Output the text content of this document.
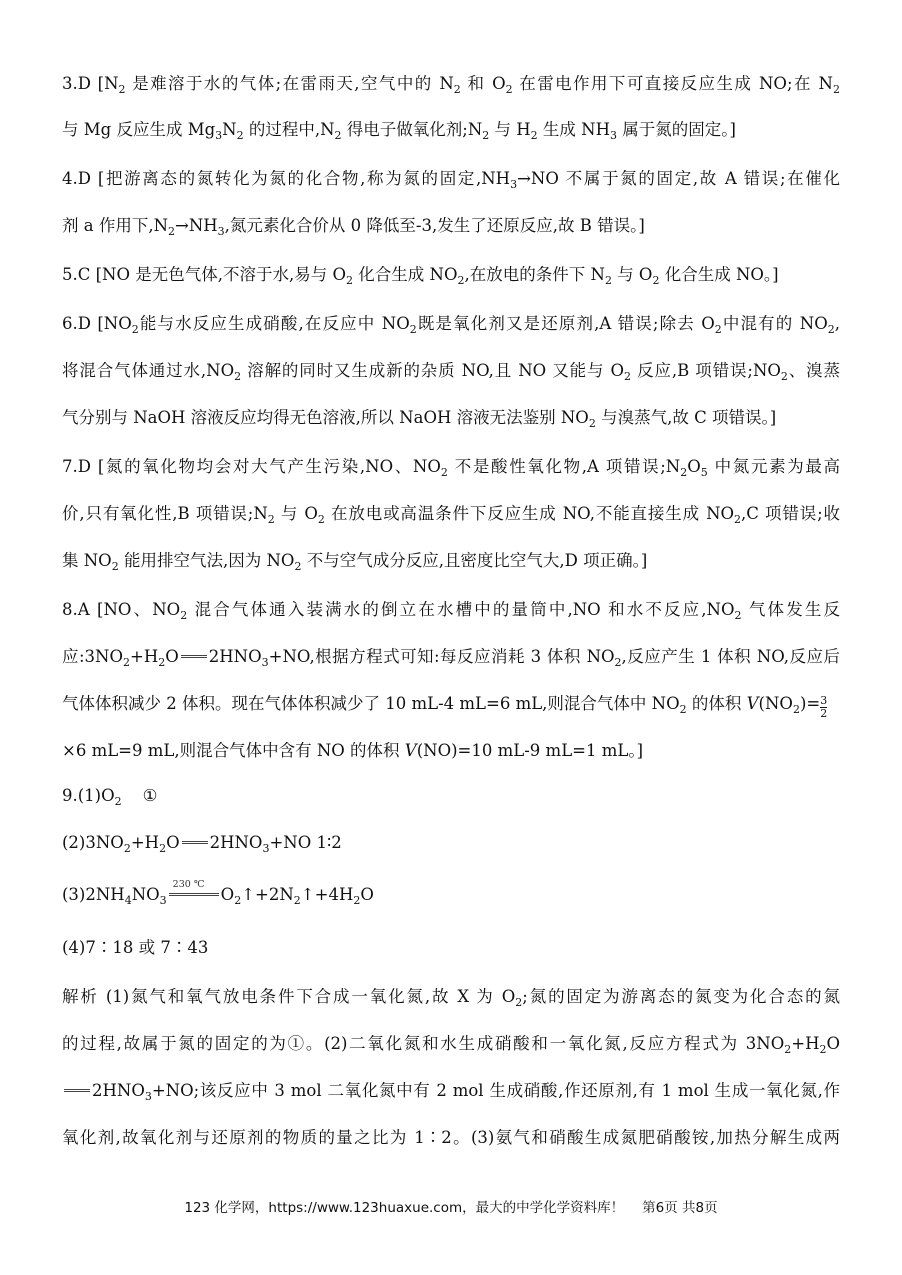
3.D [$N_2$ 是难溶于水的气体;在雷雨天,空气中的 $N_2$ 和 $O_2$ 在雷电作用下可直接反应生成 NO;在 $N_2$
与 Mg 反应生成 $Mg_3N_2$ 的过程中$,N_2$ 得电子做氧化剂$;N_2$ 与 $H_2$ 生成 $NH_3$ 属于氮的固定。]
4.D [把游离态的氮转化为氮的化合物,称为氮的固定$,NH_3\to NO$ 不属于氮的固定,故 A 错误;在催化
剂 a 作用下$,N_2\to NH_3$,氮元素化合价从 0 降低至-3,发生了还原反应,故 B 错误。]
5.C [NO 是无色气体,不溶于水,易与 $O_2$ 化合生成 $NO_2$,在放电的条件下 $N_2$ 与 $O_2$ 化合生成 NO。]
6.D [$NO_2$能与水反应生成硝酸,在反应中 $NO_2$既是氧化剂又是还原剂,A 错误;除去 $O_2$中混有的 $NO_2$,
将混合气体通过水$,NO_2$ 溶解的同时又生成新的杂质 NO,且 NO 又能与 $O_2$ 反应,B 项错误$;NO_2$、溴蒸
气分别与 NaOH 溶液反应均得无色溶液,所以 NaOH 溶液无法鉴别 $NO_2$ 与溴蒸气,故 C 项错误。]
7.D [氮的氧化物均会对大气产生污染,NO、$NO_2$ 不是酸性氧化物,A 项错误$;N_2O_5$ 中氮元素为最高
价,只有氧化性,B 项错误$;N_2$ 与 $O_2$ 在放电或高温条件下反应生成 NO,不能直接生成 $NO_2,C$ 项错误;收
集 $NO_2$ 能用排空气法,因为 $NO_2$ 不与空气成分反应,且密度比空气大,D 项正确。]
8.A [NO、$NO_2$ 混合气体通入装满水的倒立在水槽中的量筒中,NO 和水不反应$,NO_2$ 气体发生反
应$:3NO_2+H_2O$ $2HNO_3+NO$,根据方程式可知:每反应消耗 3 体积 $NO_2$,反应产生 1 体积 NO,反应后
气体体积减少 2 体积。现在气体体积减少了 10 mL-4 mL=6 mL,则混合气体中 $NO_2$ 的体积 $V(NO_2)= \frac{3}{2}$
×6 mL=9 mL,则混合气体中含有 NO 的体积 V(NO)=10 mL-9 mL=1 mL。]
$9.(1)O_2$ ①
$(2)3NO_2+H_2O$ $2HNO_3+NO$ 1∶2
$(3)2NH_4NO_3$
230 ℃
$O_2↑+2N_2↑+4H_2O$
(4)7∶18 或 7∶43
解析 (1)氮气和氧气放电条件下合成一氧化氮,故 X 为 $O_2$;氮的固定为游离态的氮变为化合态的氮
的过程,故属于氮的固定的为①。(2)二氧化氮和水生成硝酸和一氧化氮,反应方程式为 $3NO_2+H_2O$
$2HNO_3+NO$;该反应中 3 mol 二氧化氮中有 2 mol 生成硝酸,作还原剂,有 1 mol 生成一氧化氮,作
氧化剂,故氧化剂与还原剂的物质的量之比为 1∶2。(3)氨气和硝酸生成氮肥硝酸铵,加热分解生成两
123 化学网，https://www.123huaxue.com，最大的中学化学资料库！ 第6页 共8页
